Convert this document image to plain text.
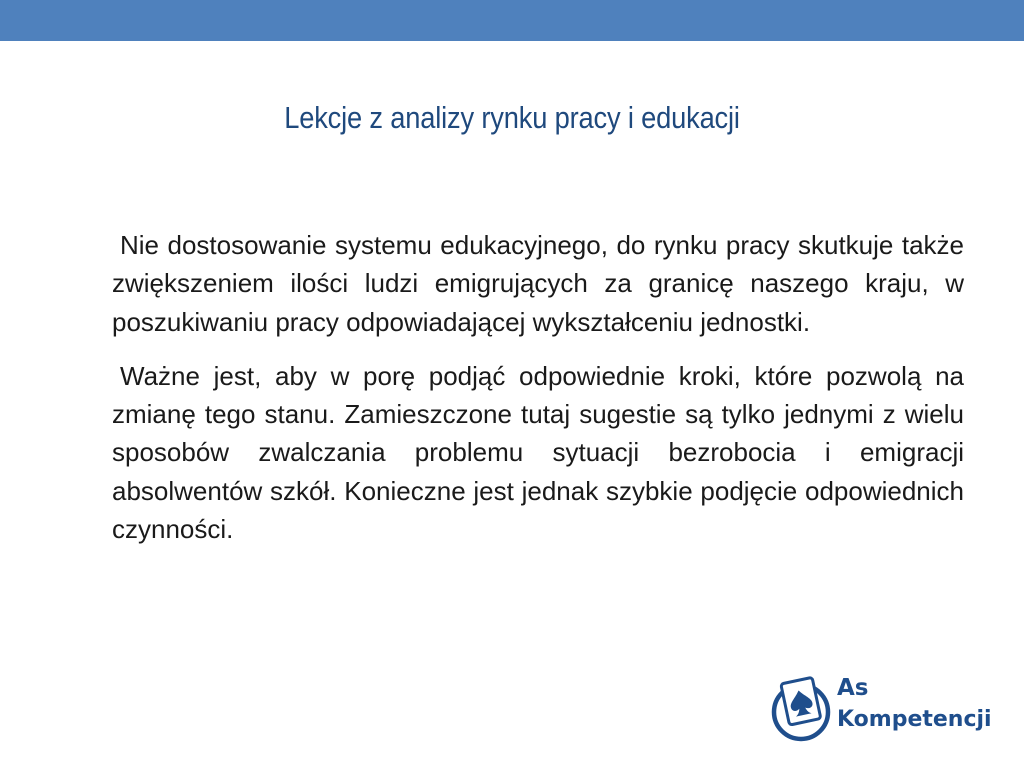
Lekcje z analizy rynku pracy i edukacji

Nie dostosowanie systemu edukacyjnego, do rynku pracy skutkuje także zwiększeniem ilości ludzi emigrujących za granicę naszego kraju, w poszukiwaniu pracy odpowiadającej wykształceniu jednostki.

Ważne jest, aby w porę podjąć odpowiednie kroki, które pozwolą na zmianę tego stanu. Zamieszczone tutaj sugestie są tylko jednymi z wielu sposobów zwalczania problemu sytuacji bezrobocia i emigracji absolwentów szkół. Konieczne jest jednak szybkie podjęcie odpowiednich czynności.

As
Kompetencji
